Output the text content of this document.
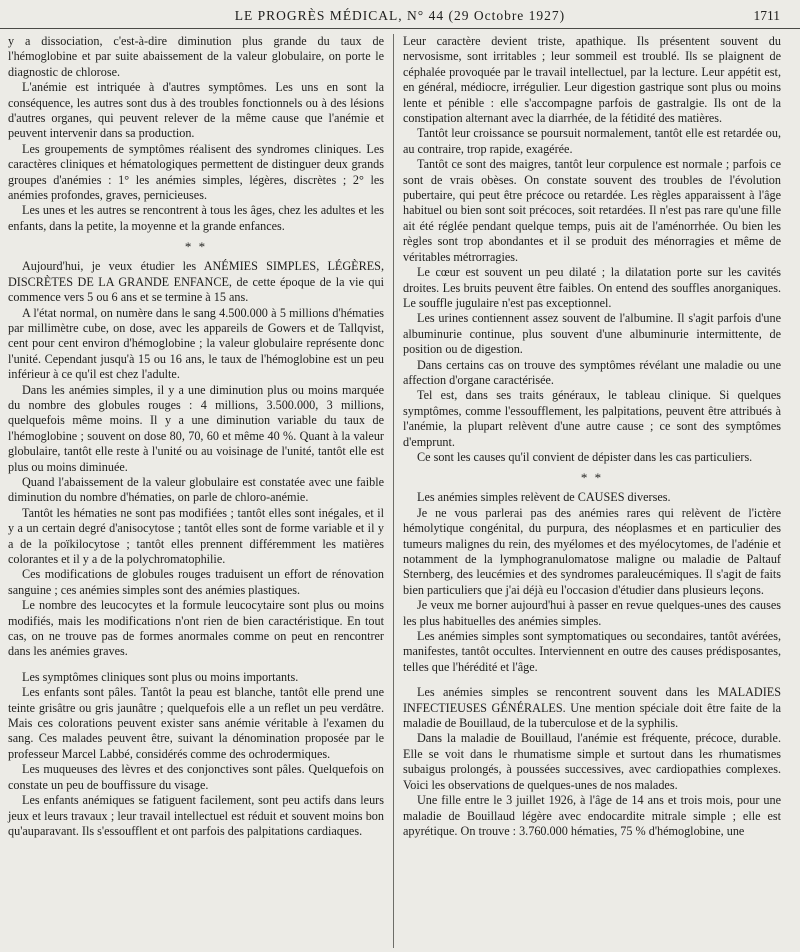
LE PROGRÈS MÉDICAL, N° 44 (29 Octobre 1927)	1711

y a dissociation, c'est-à-dire diminution plus grande du taux de l'hémoglobine et par suite abaissement de la valeur globulaire, on porte le diagnostic de chlorose.

L'anémie est intriquée à d'autres symptômes. Les uns en sont la conséquence, les autres sont dus à des troubles fonctionnels ou à des lésions d'autres organes, qui peuvent relever de la même cause que l'anémie et peuvent intervenir dans sa production.

Les groupements de symptômes réalisent des syndromes cliniques. Les caractères cliniques et hématologiques permettent de distinguer deux grands groupes d'anémies : 1° les anémies simples, légères, discrètes ; 2° les anémies profondes, graves, pernicieuses.

Les unes et les autres se rencontrent à tous les âges, chez les adultes et les enfants, dans la petite, la moyenne et la grande enfances.

* *

Aujourd'hui, je veux étudier les ANÉMIES SIMPLES, LÉGÈRES, DISCRÈTES DE LA GRANDE ENFANCE, de cette époque de la vie qui commence vers 5 ou 6 ans et se termine à 15 ans.

A l'état normal, on numère dans le sang 4.500.000 à 5 millions d'hématies par millimètre cube, on dose, avec les appareils de Gowers et de Tallqvist, cent pour cent environ d'hémoglobine ; la valeur globulaire représente donc l'unité. Cependant jusqu'à 15 ou 16 ans, le taux de l'hémoglobine est un peu inférieur à ce qu'il est chez l'adulte.

Dans les anémies simples, il y a une diminution plus ou moins marquée du nombre des globules rouges : 4 millions, 3.500.000, 3 millions, quelquefois même moins. Il y a une diminution variable du taux de l'hémoglobine ; souvent on dose 80, 70, 60 et même 40 %. Quant à la valeur globulaire, tantôt elle reste à l'unité ou au voisinage de l'unité, tantôt elle est plus ou moins diminuée.

Quand l'abaissement de la valeur globulaire est constatée avec une faible diminution du nombre d'hématies, on parle de chloro-anémie.

Tantôt les hématies ne sont pas modifiées ; tantôt elles sont inégales, et il y a un certain degré d'anisocytose ; tantôt elles sont de forme variable et il y a de la poïkilocytose ; tantôt elles prennent différemment les matières colorantes et il y a de la polychromatophilie.

Ces modifications de globules rouges traduisent un effort de rénovation sanguine ; ces anémies simples sont des anémies plastiques.

Le nombre des leucocytes et la formule leucocytaire sont plus ou moins modifiés, mais les modifications n'ont rien de bien caractéristique. En tout cas, on ne trouve pas de formes anormales comme on peut en rencontrer dans les anémies graves.

Les symptômes cliniques sont plus ou moins importants.

Les enfants sont pâles. Tantôt la peau est blanche, tantôt elle prend une teinte grisâtre ou gris jaunâtre ; quelquefois elle a un reflet un peu verdâtre. Mais ces colorations peuvent exister sans anémie véritable à l'examen du sang. Ces malades peuvent être, suivant la dénomination proposée par le professeur Marcel Labbé, considérés comme des ochrodermiques.

Les muqueuses des lèvres et des conjonctives sont pâles. Quelquefois on constate un peu de bouffissure du visage.

Les enfants anémiques se fatiguent facilement, sont peu actifs dans leurs jeux et leurs travaux ; leur travail intellectuel est réduit et souvent moins bon qu'auparavant. Ils s'essoufflent et ont parfois des palpitations cardiaques.

Leur caractère devient triste, apathique. Ils présentent souvent du nervosisme, sont irritables ; leur sommeil est troublé. Ils se plaignent de céphalée provoquée par le travail intellectuel, par la lecture. Leur appétit est, en général, médiocre, irrégulier. Leur digestion gastrique sont plus ou moins lente et pénible : elle s'accompagne parfois de gastralgie. Ils ont de la constipation alternant avec la diarrhée, de la fétidité des matières.

Tantôt leur croissance se poursuit normalement, tantôt elle est retardée ou, au contraire, trop rapide, exagérée.

Tantôt ce sont des maigres, tantôt leur corpulence est normale ; parfois ce sont de vrais obèses. On constate souvent des troubles de l'évolution pubertaire, qui peut être précoce ou retardée. Les règles apparaissent à l'âge habituel ou bien sont soit précoces, soit retardées. Il n'est pas rare qu'une fille ait été réglée pendant quelque temps, puis ait de l'aménorrhée. Ou bien les règles sont trop abondantes et il se produit des ménorragies et même de véritables métrorragies.

Le cœur est souvent un peu dilaté ; la dilatation porte sur les cavités droites. Les bruits peuvent être faibles. On entend des souffles anorganiques. Le souffle jugulaire n'est pas exceptionnel.

Les urines contiennent assez souvent de l'albumine. Il s'agit parfois d'une albuminurie continue, plus souvent d'une albuminurie intermittente, de position ou de digestion.

Dans certains cas on trouve des symptômes révélant une maladie ou une affection d'organe caractérisée.

Tel est, dans ses traits généraux, le tableau clinique. Si quelques symptômes, comme l'essoufflement, les palpitations, peuvent être attribués à l'anémie, la plupart relèvent d'une autre cause ; ce sont des symptômes d'emprunt.

Ce sont les causes qu'il convient de dépister dans les cas particuliers.

* *

Les anémies simples relèvent de CAUSES diverses.

Je ne vous parlerai pas des anémies rares qui relèvent de l'ictère hémolytique congénital, du purpura, des néoplasmes et en particulier des tumeurs malignes du rein, des myélomes et des myélocytomes, de l'adénie et notamment de la lymphogranulomatose maligne ou maladie de Paltauf Sternberg, des leucémies et des syndromes paraleucémiques. Il s'agit de faits bien particuliers que j'ai déjà eu l'occasion d'étudier dans plusieurs leçons.

Je veux me borner aujourd'hui à passer en revue quelques-unes des causes les plus habituelles des anémies simples.

Les anémies simples sont symptomatiques ou secondaires, tantôt avérées, manifestes, tantôt occultes. Interviennent en outre des causes prédisposantes, telles que l'hérédité et l'âge.

Les anémies simples se rencontrent souvent dans les MALADIES INFECTIEUSES GÉNÉRALES. Une mention spéciale doit être faite de la maladie de Bouillaud, de la tuberculose et de la syphilis.

Dans la maladie de Bouillaud, l'anémie est fréquente, précoce, durable. Elle se voit dans le rhumatisme simple et surtout dans les rhumatismes subaigus prolongés, à poussées successives, avec cardiopathies complexes. Voici les observations de quelques-unes de nos malades.

Une fille entre le 3 juillet 1926, à l'âge de 14 ans et trois mois, pour une maladie de Bouillaud légère avec endocardite mitrale simple ; elle est apyrétique. On trouve : 3.760.000 hématies, 75 % d'hémoglobine, une
